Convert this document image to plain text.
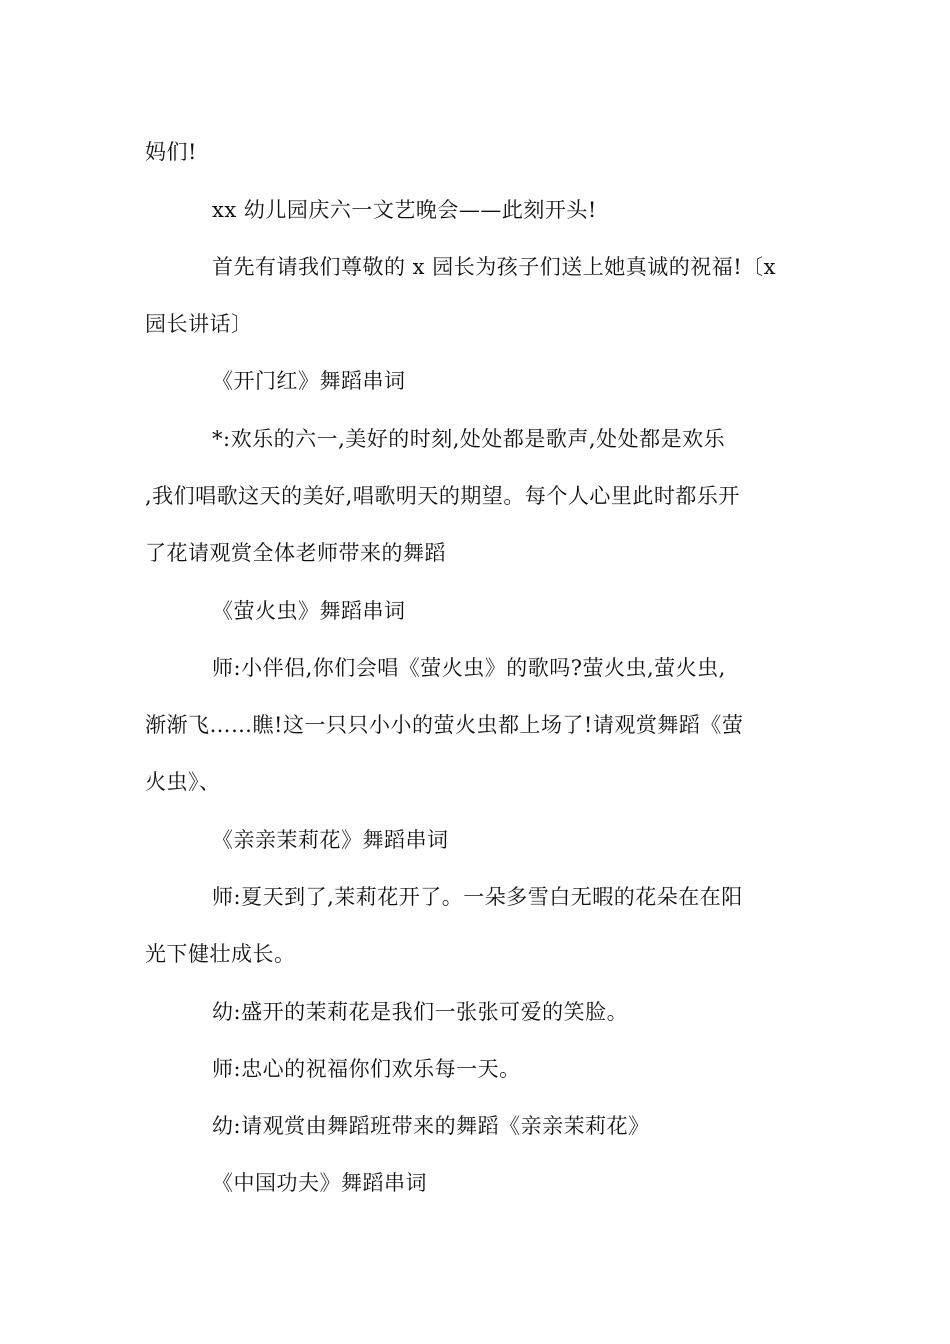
妈们!
xx 幼儿园庆六一文艺晚会——此刻开头!
首先有请我们尊敬的 x 园长为孩子们送上她真诚的祝福!〔x
园长讲话〕
《开门红》舞蹈串词
*:欢乐的六一,美好的时刻,处处都是歌声,处处都是欢乐
,我们唱歌这天的美好,唱歌明天的期望。每个人心里此时都乐开
了花请观赏全体老师带来的舞蹈
《萤火虫》舞蹈串词
师:小伴侣,你们会唱《萤火虫》的歌吗?萤火虫,萤火虫,
渐渐飞……瞧!这一只只小小的萤火虫都上场了!请观赏舞蹈《萤
火虫》、
《亲亲茉莉花》舞蹈串词
师:夏天到了,茉莉花开了。一朵多雪白无暇的花朵在在阳
光下健壮成长。
幼:盛开的茉莉花是我们一张张可爱的笑脸。
师:忠心的祝福你们欢乐每一天。
幼:请观赏由舞蹈班带来的舞蹈《亲亲茉莉花》
《中国功夫》舞蹈串词
